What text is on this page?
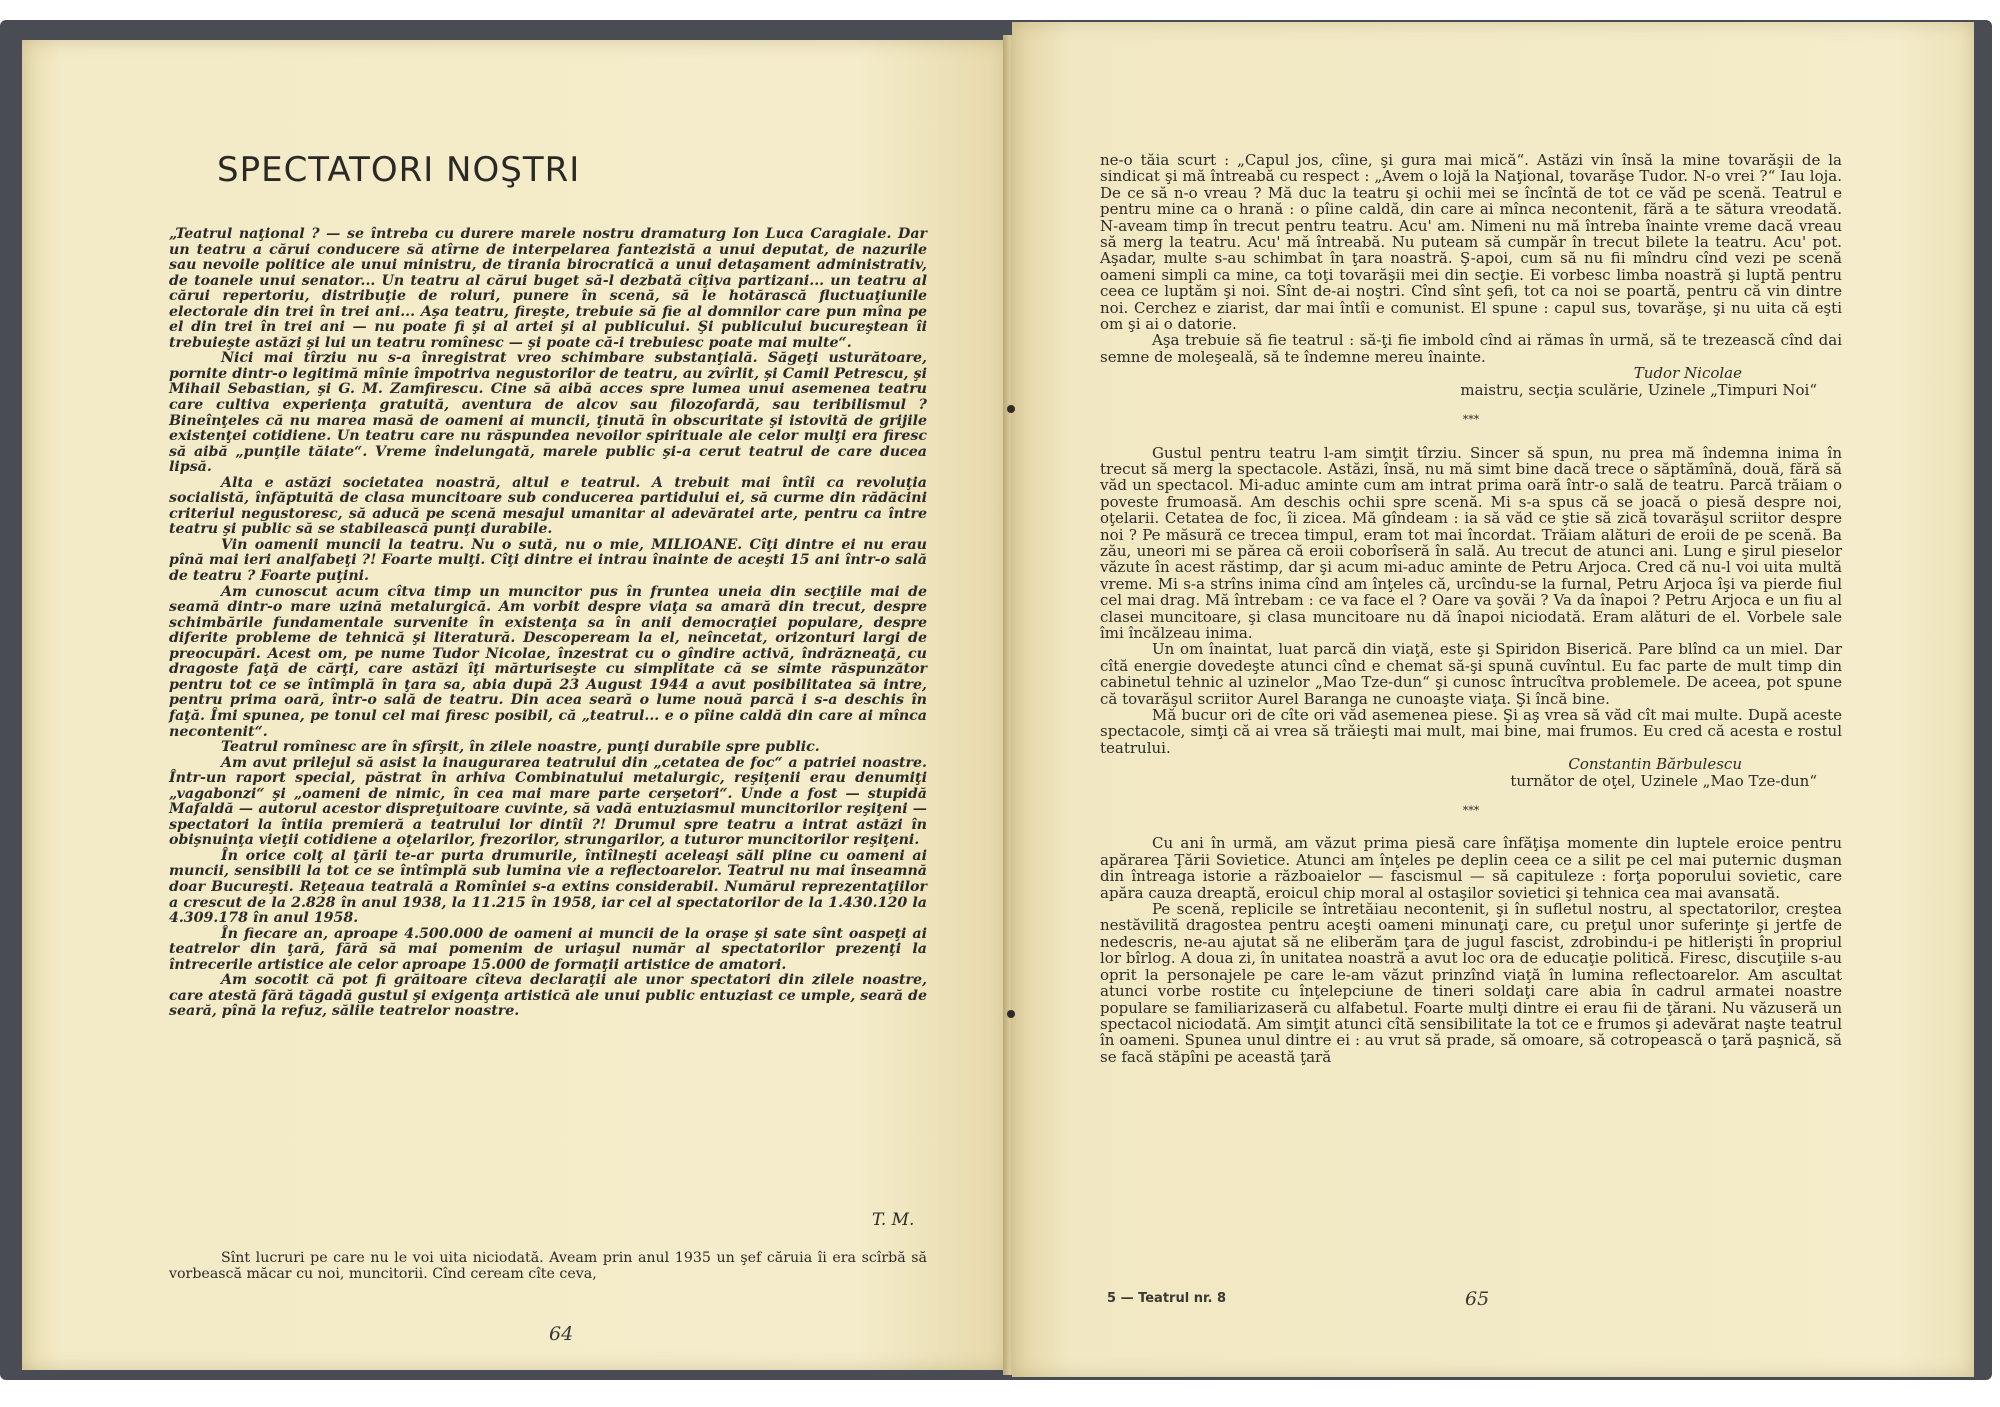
SPECTATORI NOŞTRI

„Teatrul naţional ? — se întreba cu durere marele nostru dramaturg Ion Luca Caragiale. Dar un teatru a cărui conducere să atîrne de interpelarea fantezistă a unui deputat, de nazurile sau nevoile politice ale unui ministru, de tirania birocratică a unui detaşament administrativ, de toanele unui senator... Un teatru al cărui buget să-l dezbată cîţiva partizani... un teatru al cărui repertoriu, distribuţie de roluri, punere în scenă, să le hotărască fluctuaţiunile electorale din trei în trei ani... Aşa teatru, fireşte, trebuie să fie al domnilor care pun mîna pe el din trei în trei ani — nu poate fi şi al artei şi al publicului. Şi publicului bucureştean îi trebuieşte astăzi şi lui un teatru romînesc — şi poate că-i trebuiesc poate mai multe“.

Nici mai tîrziu nu s-a înregistrat vreo schimbare substanţială. Săgeţi usturătoare, pornite dintr-o legitimă mînie împotriva negustorilor de teatru, au zvîrlit, şi Camil Petrescu, şi Mihail Sebastian, şi G. M. Zamfirescu. Cine să aibă acces spre lumea unui asemenea teatru care cultiva experienţa gratuită, aventura de alcov sau filozofardă, sau teribilismul ? Bineînţeles că nu marea masă de oameni ai muncii, ţinută în obscuritate şi istovită de grijile existenţei cotidiene. Un teatru care nu răspundea nevoilor spirituale ale celor mulţi era firesc să aibă „punţile tăiate“. Vreme îndelungată, marele public şi-a cerut teatrul de care ducea lipsă.

Alta e astăzi societatea noastră, altul e teatrul. A trebuit mai întîi ca revoluţia socialistă, înfăptuită de clasa muncitoare sub conducerea partidului ei, să curme din rădăcini criteriul negustoresc, să aducă pe scenă mesajul umanitar al adevăratei arte, pentru ca între teatru şi public să se stabilească punţi durabile.

Vin oamenii muncii la teatru. Nu o sută, nu o mie, MILIOANE. Cîţi dintre ei nu erau pînă mai ieri analfabeţi ?! Foarte mulţi. Cîţi dintre ei intrau înainte de aceşti 15 ani într-o sală de teatru ? Foarte puţini.

Am cunoscut acum cîtva timp un muncitor pus în fruntea uneia din secţiile mai de seamă dintr-o mare uzină metalurgică. Am vorbit despre viaţa sa amară din trecut, despre schimbările fundamentale survenite în existenţa sa în anii democraţiei populare, despre diferite probleme de tehnică şi literatură. Descopeream la el, neîncetat, orizonturi largi de preocupări. Acest om, pe nume Tudor Nicolae, înzestrat cu o gîndire activă, îndrăzneaţă, cu dragoste faţă de cărţi, care astăzi îţi mărturiseşte cu simplitate că se simte răspunzător pentru tot ce se întîmplă în ţara sa, abia după 23 August 1944 a avut posibilitatea să intre, pentru prima oară, într-o sală de teatru. Din acea seară o lume nouă parcă i s-a deschis în faţă. Îmi spunea, pe tonul cel mai firesc posibil, că „teatrul... e o pîine caldă din care ai mînca necontenit“.

Teatrul romînesc are în sfîrşit, în zilele noastre, punţi durabile spre public.

Am avut prilejul să asist la inaugurarea teatrului din „cetatea de foc“ a patriei noastre. Într-un raport special, păstrat în arhiva Combinatului metalurgic, reşiţenii erau denumiţi „vagabonzi“ şi „oameni de nimic, în cea mai mare parte cerşetori“. Unde a fost — stupidă Mafaldă — autorul acestor dispreţuitoare cuvinte, să vadă entuziasmul muncitorilor reşiţeni — spectatori la întiia premieră a teatrului lor dintîi ?! Drumul spre teatru a intrat astăzi în obişnuinţa vieţii cotidiene a oţelarilor, frezorilor, strungarilor, a tuturor muncitorilor reşiţeni.

În orice colţ al ţării te-ar purta drumurile, întîlneşti aceleaşi săli pline cu oameni ai muncii, sensibili la tot ce se întîmplă sub lumina vie a reflectoarelor. Teatrul nu mai înseamnă doar Bucureşti. Reţeaua teatrală a Romîniei s-a extins considerabil. Numărul reprezentaţiilor a crescut de la 2.828 în anul 1938, la 11.215 în 1958, iar cel al spectatorilor de la 1.430.120 la 4.309.178 în anul 1958.

În fiecare an, aproape 4.500.000 de oameni ai muncii de la oraşe şi sate sînt oaspeţi ai teatrelor din ţară, fără să mai pomenim de uriaşul număr al spectatorilor prezenţi la întrecerile artistice ale celor aproape 15.000 de formaţii artistice de amatori.

Am socotit că pot fi grăitoare cîteva declaraţii ale unor spectatori din zilele noastre, care atestă fără tăgadă gustul şi exigenţa artistică ale unui public entuziast ce umple, seară de seară, pînă la refuz, sălile teatrelor noastre.

T. M.

Sînt lucruri pe care nu le voi uita niciodată. Aveam prin anul 1935 un şef căruia îi era scîrbă să vorbească măcar cu noi, muncitorii. Cînd ceream cîte ceva,

64

ne-o tăia scurt : „Capul jos, cîine, şi gura mai mică“. Astăzi vin însă la mine tovarăşii de la sindicat şi mă întreabă cu respect : „Avem o lojă la Naţional, tovarăşe Tudor. N-o vrei ?“ Iau loja. De ce să n-o vreau ? Mă duc la teatru şi ochii mei se încîntă de tot ce văd pe scenă. Teatrul e pentru mine ca o hrană : o pîine caldă, din care ai mînca necontenit, fără a te sătura vreodată. N-aveam timp în trecut pentru teatru. Acu' am. Nimeni nu mă întreba înainte vreme dacă vreau să merg la teatru. Acu' mă întreabă. Nu puteam să cumpăr în trecut bilete la teatru. Acu' pot. Aşadar, multe s-au schimbat în ţara noastră. Ş-apoi, cum să nu fii mîndru cînd vezi pe scenă oameni simpli ca mine, ca toţi tovarăşii mei din secţie. Ei vorbesc limba noastră şi luptă pentru ceea ce luptăm şi noi. Sînt de-ai noştri. Cînd sînt şefi, tot ca noi se poartă, pentru că vin dintre noi. Cerchez e ziarist, dar mai întîi e comunist. El spune : capul sus, tovarăşe, şi nu uita că eşti om şi ai o datorie.

Aşa trebuie să fie teatrul : să-ţi fie imbold cînd ai rămas în urmă, să te trezească cînd dai semne de moleşeală, să te îndemne mereu înainte.

Tudor Nicolae

maistru, secţia sculărie, Uzinele „Timpuri Noi“

***

Gustul pentru teatru l-am simţit tîrziu. Sincer să spun, nu prea mă îndemna inima în trecut să merg la spectacole. Astăzi, însă, nu mă simt bine dacă trece o săptămînă, două, fără să văd un spectacol. Mi-aduc aminte cum am intrat prima oară într-o sală de teatru. Parcă trăiam o poveste frumoasă. Am deschis ochii spre scenă. Mi s-a spus că se joacă o piesă despre noi, oţelarii. Cetatea de foc, îi zicea. Mă gîndeam : ia să văd ce ştie să zică tovarăşul scriitor despre noi ? Pe măsură ce trecea timpul, eram tot mai încordat. Trăiam alături de eroii de pe scenă. Ba zău, uneori mi se părea că eroii coborîseră în sală. Au trecut de atunci ani. Lung e şirul pieselor văzute în acest răstimp, dar şi acum mi-aduc aminte de Petru Arjoca. Cred că nu-l voi uita multă vreme. Mi s-a strîns inima cînd am înţeles că, urcîndu-se la furnal, Petru Arjoca îşi va pierde fiul cel mai drag. Mă întrebam : ce va face el ? Oare va şovăi ? Va da înapoi ? Petru Arjoca e un fiu al clasei muncitoare, şi clasa muncitoare nu dă înapoi niciodată. Eram alături de el. Vorbele sale îmi încălzeau inima.

Un om înaintat, luat parcă din viaţă, este şi Spiridon Biserică. Pare blînd ca un miel. Dar cîtă energie dovedeşte atunci cînd e chemat să-şi spună cuvîntul. Eu fac parte de mult timp din cabinetul tehnic al uzinelor „Mao Tze-dun“ şi cunosc întrucîtva problemele. De aceea, pot spune că tovarăşul scriitor Aurel Baranga ne cunoaşte viaţa. Şi încă bine.

Mă bucur ori de cîte ori văd asemenea piese. Şi aş vrea să văd cît mai multe. După aceste spectacole, simţi că ai vrea să trăieşti mai mult, mai bine, mai frumos. Eu cred că acesta e rostul teatrului.

Constantin Bărbulescu

turnător de oţel, Uzinele „Mao Tze-dun“

***

Cu ani în urmă, am văzut prima piesă care înfăţişa momente din luptele eroice pentru apărarea Ţării Sovietice. Atunci am înţeles pe deplin ceea ce a silit pe cel mai puternic duşman din întreaga istorie a războaielor — fascismul — să capituleze : forţa poporului sovietic, care apăra cauza dreaptă, eroicul chip moral al ostaşilor sovietici şi tehnica cea mai avansată.

Pe scenă, replicile se întretăiau necontenit, şi în sufletul nostru, al spectatorilor, creştea nestăvilită dragostea pentru aceşti oameni minunaţi care, cu preţul unor suferinţe şi jertfe de nedescris, ne-au ajutat să ne eliberăm ţara de jugul fascist, zdrobindu-i pe hitlerişti în propriul lor bîrlog. A doua zi, în unitatea noastră a avut loc ora de educaţie politică. Firesc, discuţiile s-au oprit la personajele pe care le-am văzut prinzînd viaţă în lumina reflectoarelor. Am ascultat atunci vorbe rostite cu înţelepciune de tineri soldaţi care abia în cadrul armatei noastre populare se familiarizaseră cu alfabetul. Foarte mulţi dintre ei erau fii de ţărani. Nu văzuseră un spectacol niciodată. Am simţit atunci cîtă sensibilitate la tot ce e frumos şi adevărat naşte teatrul în oameni. Spunea unul dintre ei : au vrut să prade, să omoare, să cotropească o ţară paşnică, să se facă stăpîni pe această ţară

5 — Teatrul nr. 8	65
